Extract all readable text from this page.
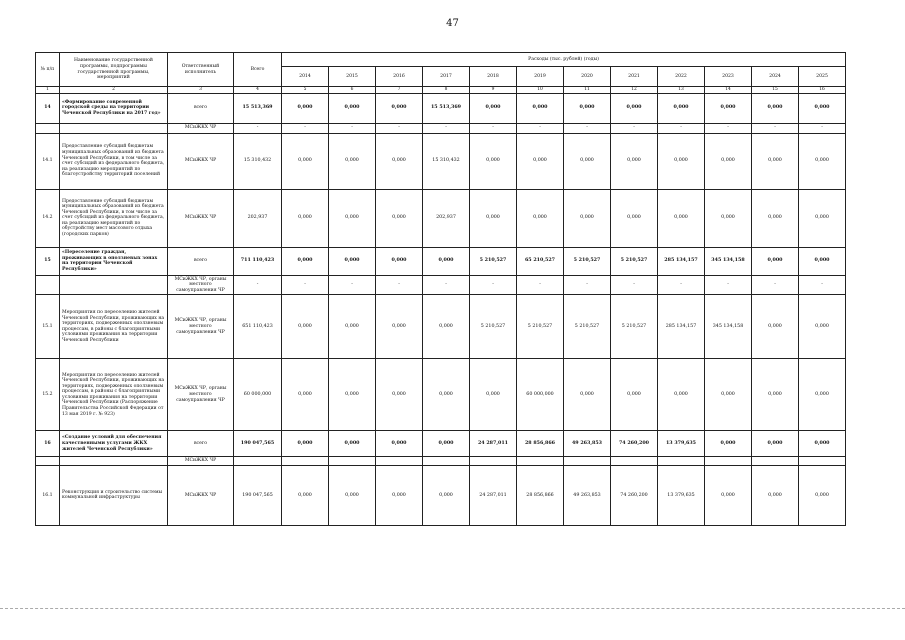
47
№ п/п	Наименование государственной программы, подпрограммы государственной программы, мероприятий	Ответственный исполнитель	Всего	Расходы (тыс. рублей) (годы)											
				2014	2015	2016	2017	2018	2019	2020	2021	2022	2023	2024	2025
1	2	3	4	5	6	7	8	9	10	11	12	13	14	15	16
14	«Формирование современной городской среды на территории Чеченской Республики на 2017 год»	всего	15 513,369	0,000	0,000	0,000	15 513,369	0,000	0,000	0,000	0,000	0,000	0,000	0,000	0,000
		МСиЖКХ ЧР	-	-	-	-	-	-	-	-	-	-	-	-	-
14.1	Предоставление субсидий бюджетам муниципальных образований из бюджета Чеченской Республики, в том числе за счет субсидий из федерального бюджета, на реализацию мероприятий по благоустройству территорий поселений	МСиЖКХ ЧР	15 310,432	0,000	0,000	0,000	15 310,432	0,000	0,000	0,000	0,000	0,000	0,000	0,000	0,000
14.2	Предоставление субсидий бюджетам муниципальных образований из бюджета Чеченской Республики, в том числе за счет субсидий из федерального бюджета, на реализацию мероприятий по обустройству мест массового отдыха (городских парков)	МСиЖКХ ЧР	202,937	0,000	0,000	0,000	202,937	0,000	0,000	0,000	0,000	0,000	0,000	0,000	0,000
15	«Переселение граждан, проживающих в оползневых зонах на территории Чеченской Республики»	всего	711 110,423	0,000	0,000	0,000	0,000	5 210,527	65 210,527	5 210,527	5 210,527	285 134,157	345 134,158	0,000	0,000
		МСиЖКХ ЧР, органы местного самоуправления ЧР	-	-	-	-	-	-	-	-	-	-	-	-	-
15.1	Мероприятия по переселению жителей Чеченской Республики, проживающих на территориях, подверженных оползневым процессам, в районы с благоприятными условиями проживания на территории Чеченской Республики	МСиЖКХ ЧР, органы местного самоуправления ЧР	651 110,423	0,000	0,000	0,000	0,000	5 210,527	5 210,527	5 210,527	5 210,527	285 134,157	345 134,158	0,000	0,000
15.2	Мероприятия по переселению жителей Чеченской Республики, проживающих на территориях, подверженных оползневым процессам, в районы с благоприятными условиями проживания на территории Чеченской Республики (Распоряжение Правительства Российской Федерации от 13 мая 2019 г. № 923)	МСиЖКХ ЧР, органы местного самоуправления ЧР	60 000,000	0,000	0,000	0,000	0,000	0,000	60 000,000	0,000	0,000	0,000	0,000	0,000	0,000
16	«Создание условий для обеспечения качественными услугами ЖКХ жителей Чеченской Республики»	всего	190 047,565	0,000	0,000	0,000	0,000	24 287,011	28 856,866	49 263,853	74 260,200	13 379,635	0,000	0,000	0,000
		МСиЖКХ ЧР													
16.1	Реконструкция и строительство системы коммунальной инфраструктуры	МСиЖКХ ЧР	190 047,565	0,000	0,000	0,000	0,000	24 287,011	28 856,866	49 263,853	74 260,200	13 379,635	0,000	0,000	0,000
